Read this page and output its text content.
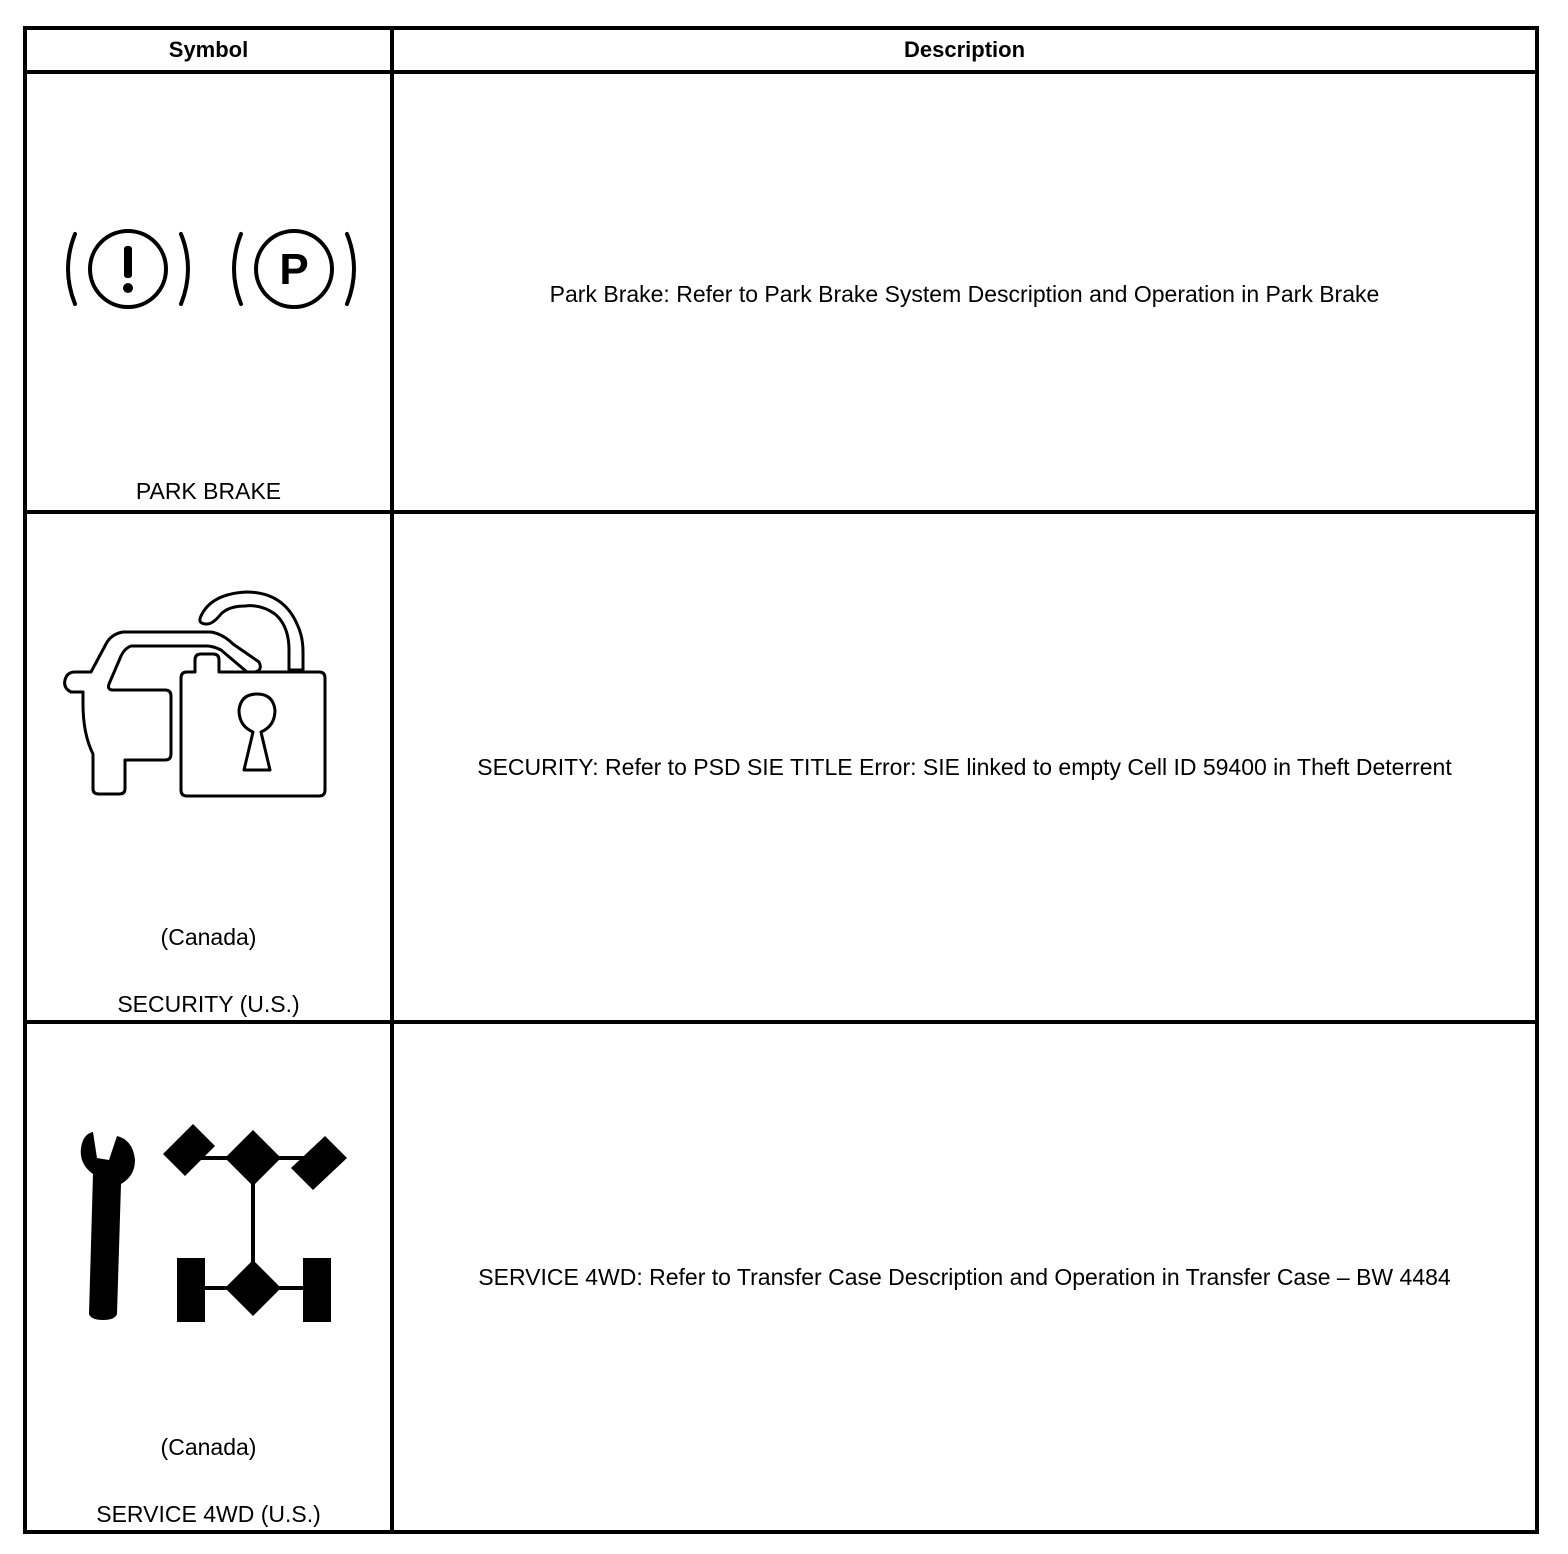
Symbol	Description
P
PARK BRAKE
Park Brake: Refer to Park Brake System Description and Operation in Park Brake
(Canada)
SECURITY (U.S.)
SECURITY: Refer to PSD SIE TITLE Error: SIE linked to empty Cell ID 59400 in Theft Deterrent
(Canada)
SERVICE 4WD (U.S.)
SERVICE 4WD: Refer to Transfer Case Description and Operation in Transfer Case – BW 4484
